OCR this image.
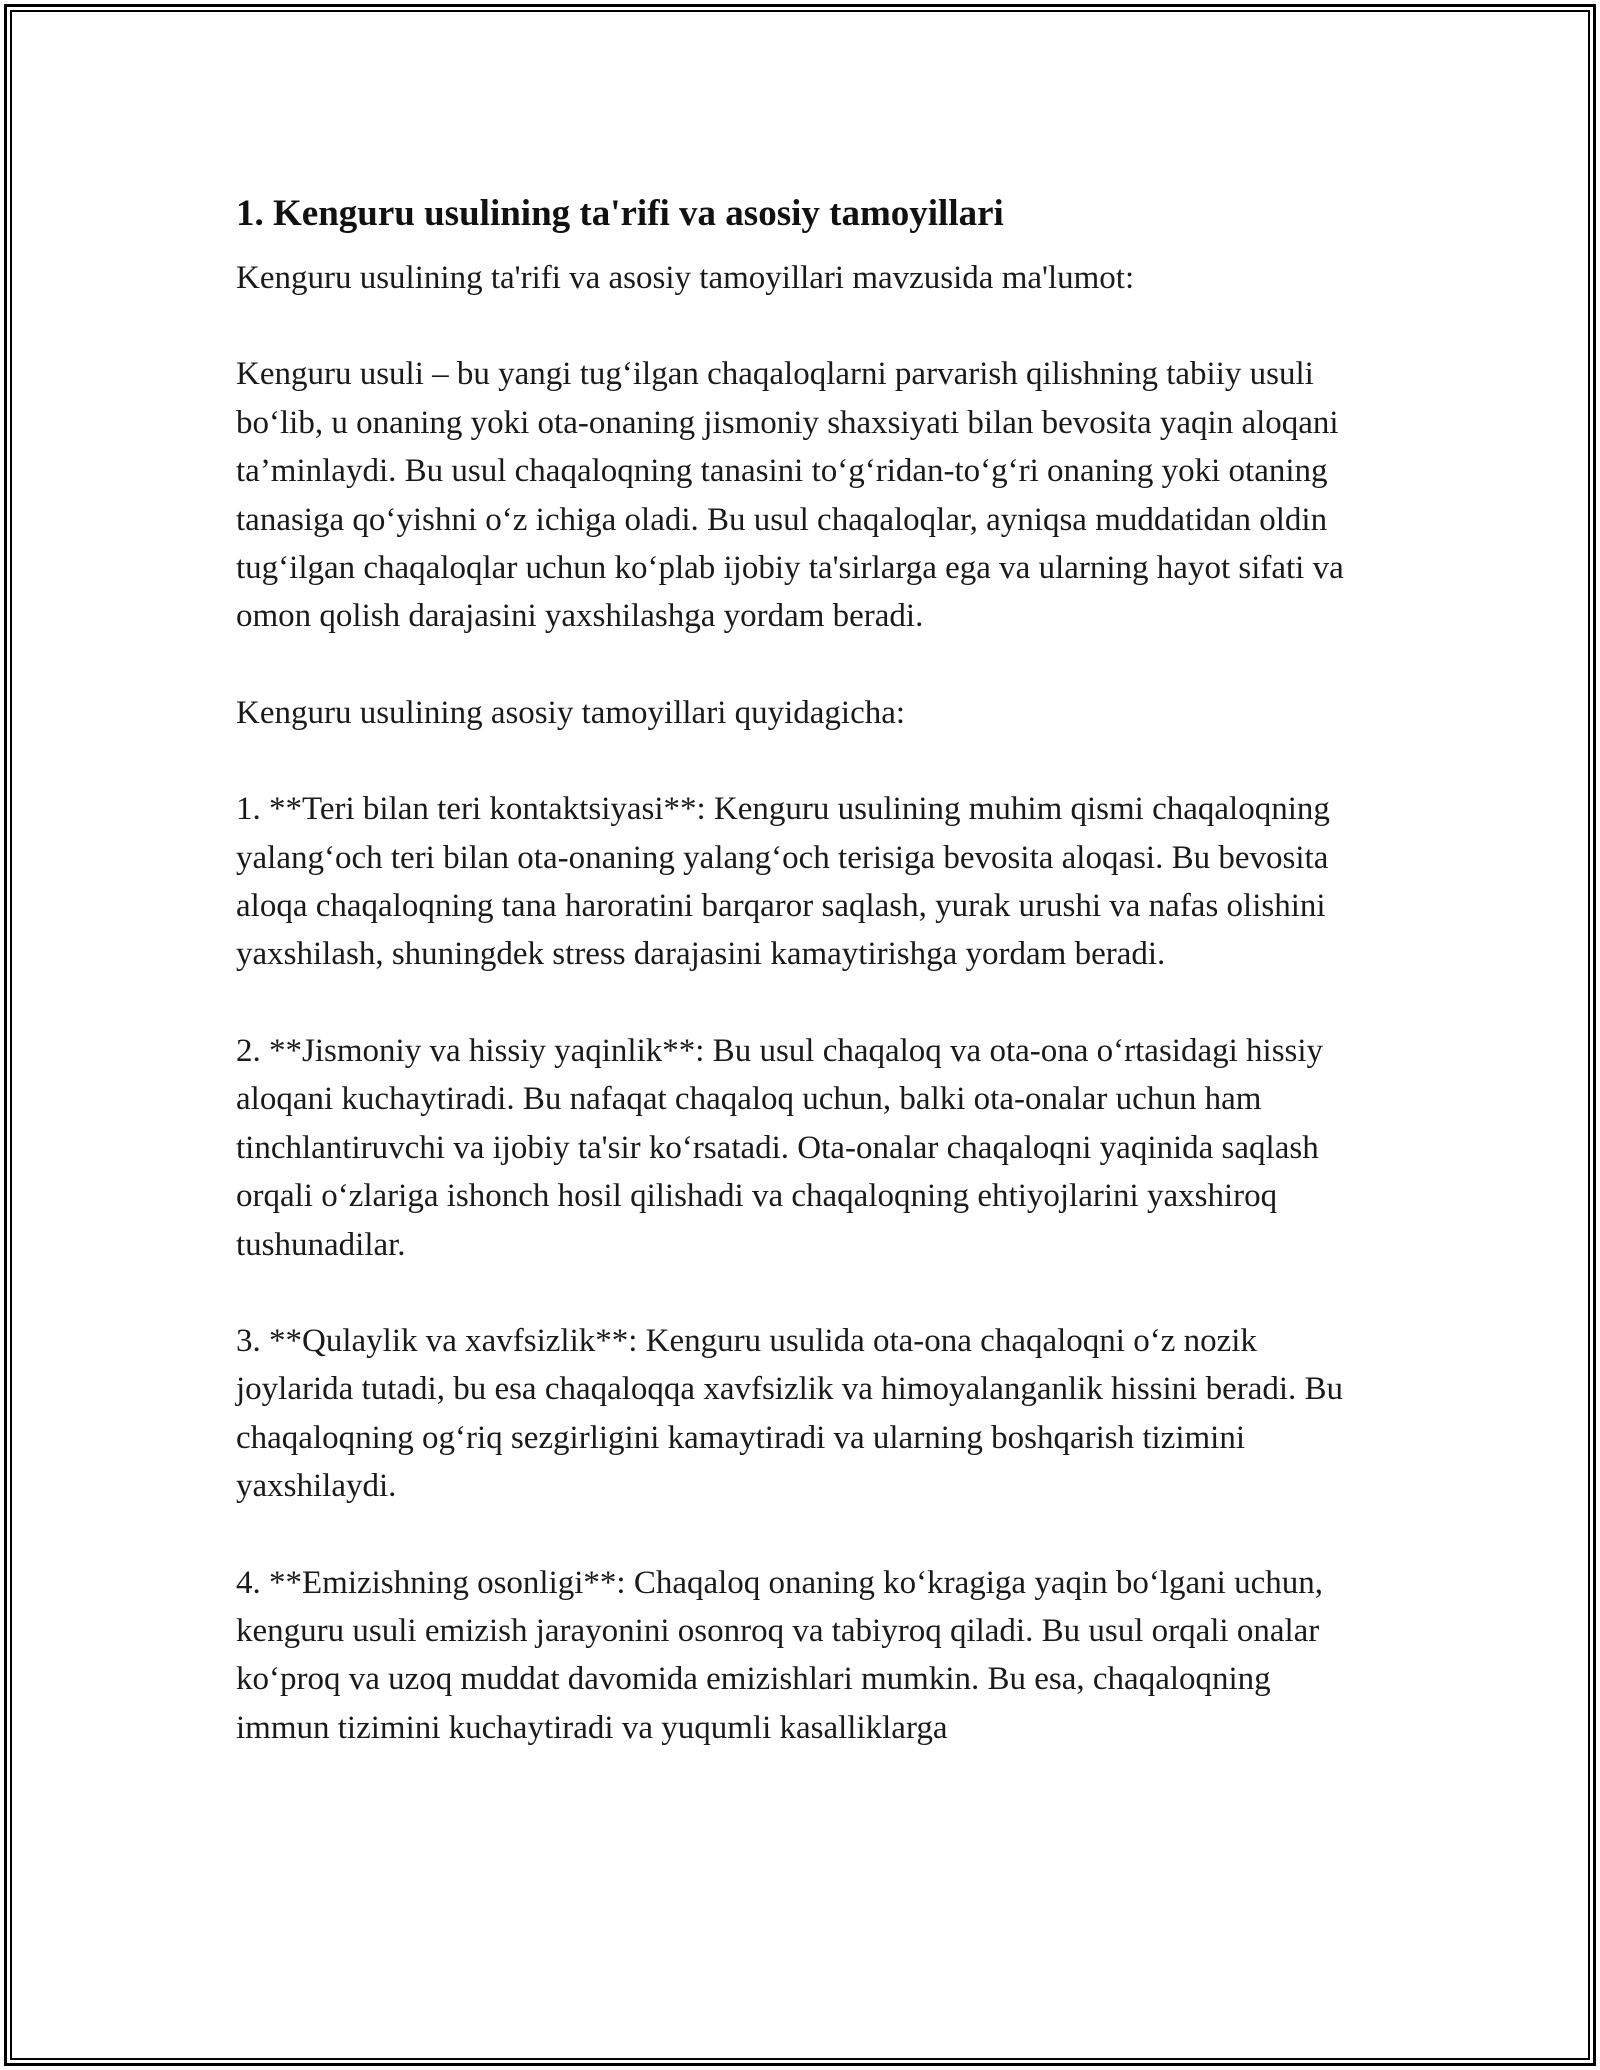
1. Kenguru usulining ta'rifi va asosiy tamoyillari

Kenguru usulining ta'rifi va asosiy tamoyillari mavzusida ma'lumot:

Kenguru usuli – bu yangi tug‘ilgan chaqaloqlarni parvarish qilishning tabiiy usuli bo‘lib, u onaning yoki ota-onaning jismoniy shaxsiyati bilan bevosita yaqin aloqani ta’minlaydi. Bu usul chaqaloqning tanasini to‘g‘ridan-to‘g‘ri onaning yoki otaning tanasiga qo‘yishni o‘z ichiga oladi. Bu usul chaqaloqlar, ayniqsa muddatidan oldin tug‘ilgan chaqaloqlar uchun ko‘plab ijobiy ta'sirlarga ega va ularning hayot sifati va omon qolish darajasini yaxshilashga yordam beradi.

Kenguru usulining asosiy tamoyillari quyidagicha:

1. **Teri bilan teri kontaktsiyasi**: Kenguru usulining muhim qismi chaqaloqning yalang‘och teri bilan ota-onaning yalang‘och terisiga bevosita aloqasi. Bu bevosita aloqa chaqaloqning tana haroratini barqaror saqlash, yurak urushi va nafas olishini yaxshilash, shuningdek stress darajasini kamaytirishga yordam beradi.

2. **Jismoniy va hissiy yaqinlik**: Bu usul chaqaloq va ota-ona o‘rtasidagi hissiy aloqani kuchaytiradi. Bu nafaqat chaqaloq uchun, balki ota-onalar uchun ham tinchlantiruvchi va ijobiy ta'sir ko‘rsatadi. Ota-onalar chaqaloqni yaqinida saqlash orqali o‘zlariga ishonch hosil qilishadi va chaqaloqning ehtiyojlarini yaxshiroq tushunadilar.

3. **Qulaylik va xavfsizlik**: Kenguru usulida ota-ona chaqaloqni o‘z nozik joylarida tutadi, bu esa chaqaloqqa xavfsizlik va himoyalanganlik hissini beradi. Bu chaqaloqning og‘riq sezgirligini kamaytiradi va ularning boshqarish tizimini yaxshilaydi.

4. **Emizishning osonligi**: Chaqaloq onaning ko‘kragiga yaqin bo‘lgani uchun, kenguru usuli emizish jarayonini osonroq va tabiyroq qiladi. Bu usul orqali onalar ko‘proq va uzoq muddat davomida emizishlari mumkin. Bu esa, chaqaloqning immun tizimini kuchaytiradi va yuqumli kasalliklarga
